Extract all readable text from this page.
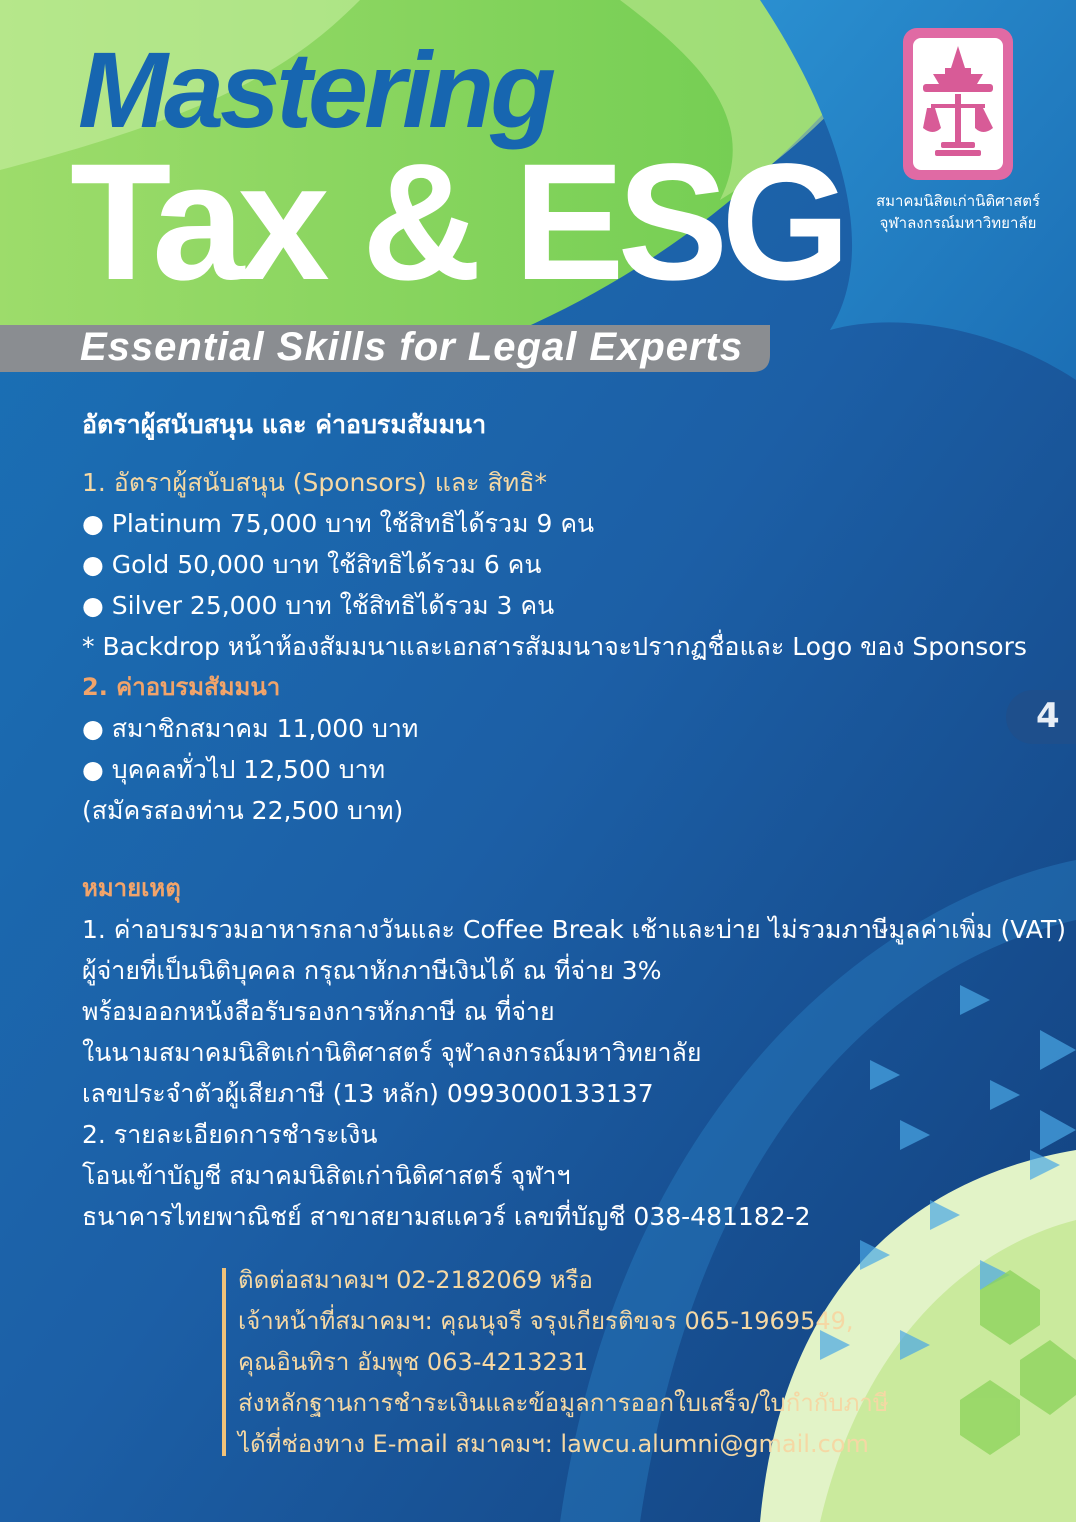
Mastering
Tax & ESG
Essential Skills for Legal Experts
สมาคมนิสิตเก่านิติศาสตร์
จุฬาลงกรณ์มหาวิทยาลัย
4
อัตราผู้สนับสนุน และ ค่าอบรมสัมมนา
1. อัตราผู้สนับสนุน (Sponsors) และ สิทธิ*
● Platinum 75,000 บาท ใช้สิทธิได้รวม 9 คน
● Gold 50,000 บาท ใช้สิทธิได้รวม 6 คน
● Silver 25,000 บาท ใช้สิทธิได้รวม 3 คน
* Backdrop หน้าห้องสัมมนาและเอกสารสัมมนาจะปรากฏชื่อและ Logo ของ Sponsors
2. ค่าอบรมสัมมนา
● สมาชิกสมาคม 11,000 บาท
● บุคคลทั่วไป 12,500 บาท
(สมัครสองท่าน 22,500 บาท)
หมายเหตุ
1. ค่าอบรมรวมอาหารกลางวันและ Coffee Break เช้าและบ่าย ไม่รวมภาษีมูลค่าเพิ่ม (VAT)
ผู้จ่ายที่เป็นนิติบุคคล กรุณาหักภาษีเงินได้ ณ ที่จ่าย 3%
พร้อมออกหนังสือรับรองการหักภาษี ณ ที่จ่าย
ในนามสมาคมนิสิตเก่านิติศาสตร์ จุฬาลงกรณ์มหาวิทยาลัย
เลขประจำตัวผู้เสียภาษี (13 หลัก) 0993000133137
2. รายละเอียดการชำระเงิน
โอนเข้าบัญชี สมาคมนิสิตเก่านิติศาสตร์ จุฬาฯ
ธนาคารไทยพาณิชย์ สาขาสยามสแควร์ เลขที่บัญชี 038-481182-2
ติดต่อสมาคมฯ 02-2182069 หรือ
เจ้าหน้าที่สมาคมฯ: คุณนุจรี จรุงเกียรติขจร 065-1969549,
คุณอินทิรา อัมพุช 063-4213231
ส่งหลักฐานการชำระเงินและข้อมูลการออกใบเสร็จ/ใบกำกับภาษี
ได้ที่ช่องทาง E-mail สมาคมฯ: lawcu.alumni@gmail.com
